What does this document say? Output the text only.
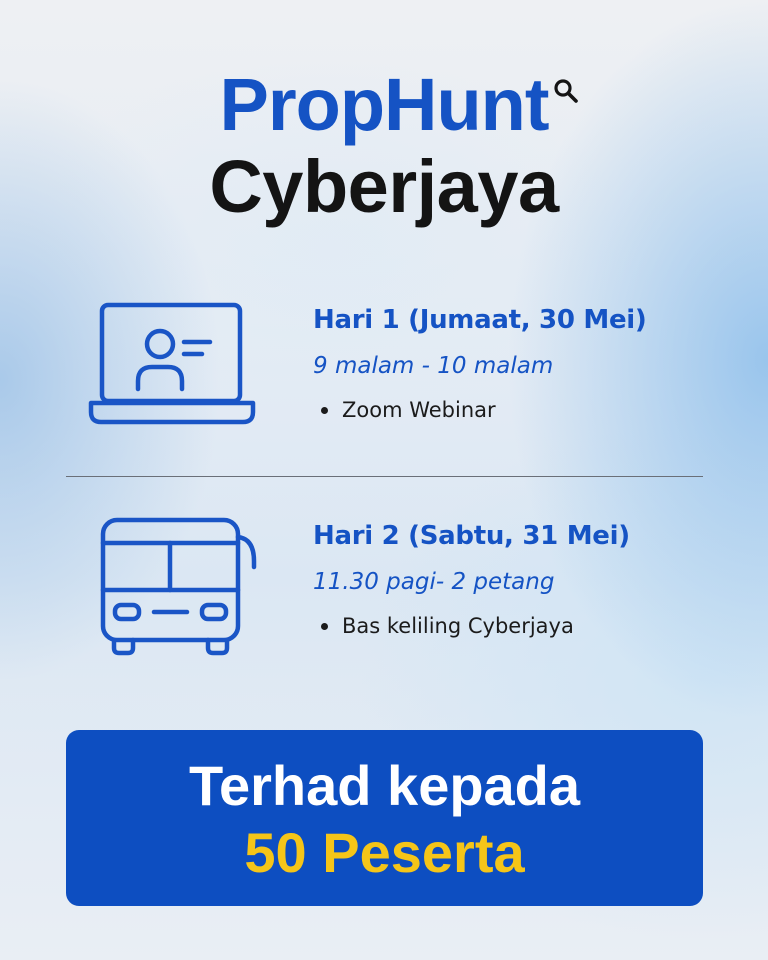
PropHunt
Cyberjaya
Hari 1 (Jumaat, 30 Mei)
9 malam - 10 malam
Zoom Webinar
Hari 2 (Sabtu, 31 Mei)
11.30 pagi- 2 petang
Bas keliling Cyberjaya
Terhad kepada
50 Peserta
